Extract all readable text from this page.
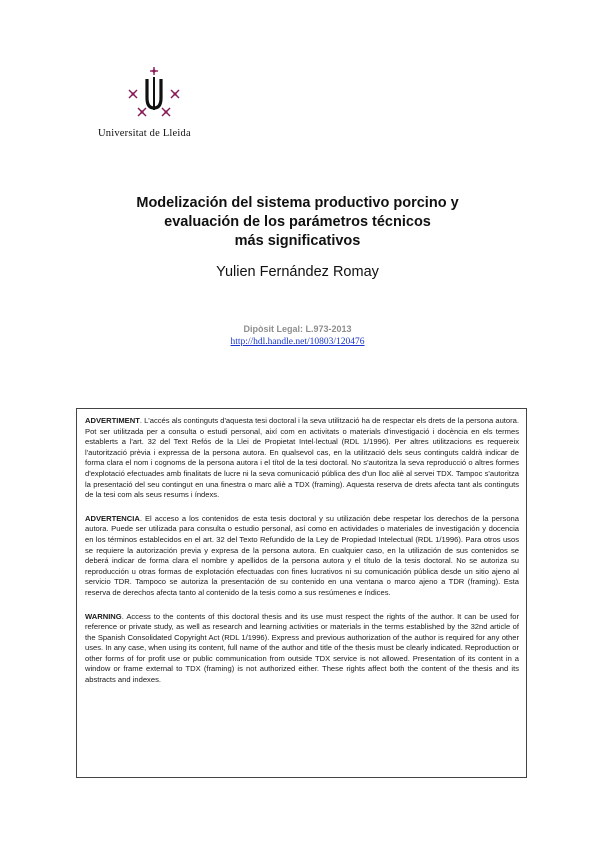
Universitat de Lleida
Modelización del sistema productivo porcino y
evaluación de los parámetros técnicos
más significativos
Yulien Fernández Romay
Dipòsit Legal: L.973-2013
http://hdl.handle.net/10803/120476

ADVERTIMENT. L'accés als continguts d'aquesta tesi doctoral i la seva utilització ha de respectar els drets de la persona autora. Pot ser utilitzada per a consulta o estudi personal, així com en activitats o materials d'investigació i docència en els termes establerts a l'art. 32 del Text Refós de la Llei de Propietat Intel·lectual (RDL 1/1996). Per altres utilitzacions es requereix l'autorització prèvia i expressa de la persona autora. En qualsevol cas, en la utilització dels seus continguts caldrà indicar de forma clara el nom i cognoms de la persona autora i el títol de la tesi doctoral. No s'autoritza la seva reproducció o altres formes d'explotació efectuades amb finalitats de lucre ni la seva comunicació pública des d'un lloc aliè al servei TDX. Tampoc s'autoritza la presentació del seu contingut en una finestra o marc aliè a TDX (framing). Aquesta reserva de drets afecta tant als continguts de la tesi com als seus resums i índexs.

ADVERTENCIA. El acceso a los contenidos de esta tesis doctoral y su utilización debe respetar los derechos de la persona autora. Puede ser utilizada para consulta o estudio personal, así como en actividades o materiales de investigación y docencia en los términos establecidos en el art. 32 del Texto Refundido de la Ley de Propiedad Intelectual (RDL 1/1996). Para otros usos se requiere la autorización previa y expresa de la persona autora. En cualquier caso, en la utilización de sus contenidos se deberá indicar de forma clara el nombre y apellidos de la persona autora y el título de la tesis doctoral. No se autoriza su reproducción u otras formas de explotación efectuadas con fines lucrativos ni su comunicación pública desde un sitio ajeno al servicio TDR. Tampoco se autoriza la presentación de su contenido en una ventana o marco ajeno a TDR (framing). Esta reserva de derechos afecta tanto al contenido de la tesis como a sus resúmenes e índices.

WARNING. Access to the contents of this doctoral thesis and its use must respect the rights of the author. It can be used for reference or private study, as well as research and learning activities or materials in the terms established by the 32nd article of the Spanish Consolidated Copyright Act (RDL 1/1996). Express and previous authorization of the author is required for any other uses. In any case, when using its content, full name of the author and title of the thesis must be clearly indicated. Reproduction or other forms of for profit use or public communication from outside TDX service is not allowed. Presentation of its content in a window or frame external to TDX (framing) is not authorized either. These rights affect both the content of the thesis and its abstracts and indexes.
